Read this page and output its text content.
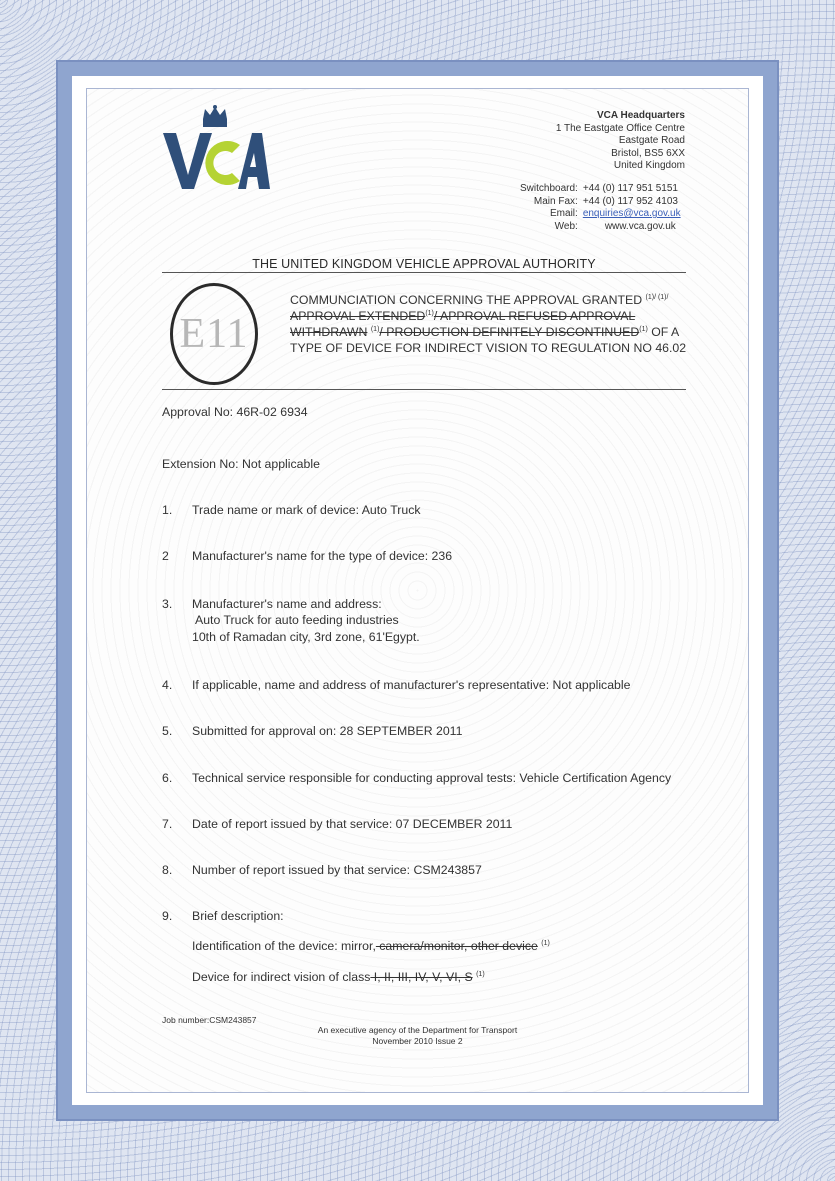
VCA Headquarters
1 The Eastgate Office Centre
Eastgate Road
Bristol, BS5 6XX
United Kingdom
Switchboard:	+44 (0) 117 951 5151
Main Fax:	+44 (0) 117 952 4103
Email:	enquiries@vca.gov.uk
Web:	www.vca.gov.uk
THE UNITED KINGDOM VEHICLE APPROVAL AUTHORITY
E11
COMMUNCIATION CONCERNING THE APPROVAL GRANTED $^{(1)/ (1)/}$ APPROVAL EXTENDED$^{(1)}$/ APPROVAL REFUSED APPROVAL WITHDRAWN $^{(1)}$/ PRODUCTION DEFINITELY DISCONTINUED$^{(1)}$ OF A TYPE OF DEVICE FOR INDIRECT VISION TO REGULATION NO 46.02
Approval No: 46R-02 6934
Extension No: Not applicable
1. Trade name or mark of device: Auto Truck
2 Manufacturer's name for the type of device: 236
3. Manufacturer's name and address:
Auto Truck for auto feeding industries
10th of Ramadan city, 3rd zone, 61'Egypt.
4. If applicable, name and address of manufacturer's representative: Not applicable
5. Submitted for approval on: 28 SEPTEMBER 2011
6. Technical service responsible for conducting approval tests: Vehicle Certification Agency
7. Date of report issued by that service: 07 DECEMBER 2011
8. Number of report issued by that service: CSM243857
9. Brief description:
Identification of the device: mirror, camera/monitor, other device $^{(1)}$
Device for indirect vision of class I, II, III, IV, V, VI, S $^{(1)}$
Job number:CSM243857
An executive agency of the Department for Transport
November 2010 Issue 2
